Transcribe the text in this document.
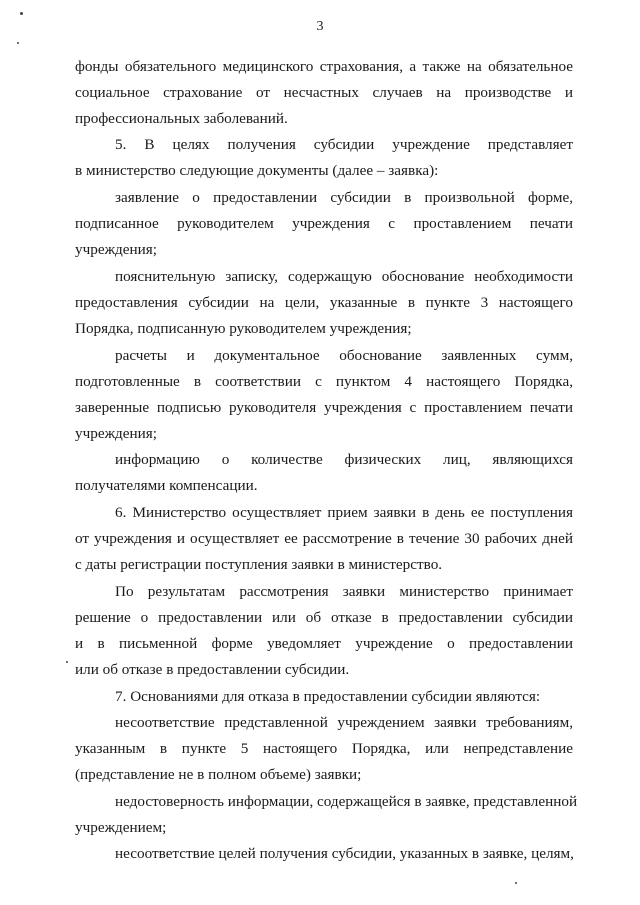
3
фонды обязательного медицинского страхования, а также на обязательное
социальное страхование от несчастных случаев на производстве и
профессиональных заболеваний.
5. В целях получения субсидии учреждение представляет
в министерство следующие документы (далее – заявка):
заявление о предоставлении субсидии в произвольной форме,
подписанное руководителем учреждения с проставлением печати
учреждения;
пояснительную записку, содержащую обоснование необходимости
предоставления субсидии на цели, указанные в пункте 3 настоящего
Порядка, подписанную руководителем учреждения;
расчеты и документальное обоснование заявленных сумм,
подготовленные в соответствии с пунктом 4 настоящего Порядка,
заверенные подписью руководителя учреждения с проставлением печати
учреждения;
информацию о количестве физических лиц, являющихся
получателями компенсации.
6. Министерство осуществляет прием заявки в день ее поступления
от учреждения и осуществляет ее рассмотрение в течение 30 рабочих дней
с даты регистрации поступления заявки в министерство.
По результатам рассмотрения заявки министерство принимает
решение о предоставлении или об отказе в предоставлении субсидии
и в письменной форме уведомляет учреждение о предоставлении
или об отказе в предоставлении субсидии.
7. Основаниями для отказа в предоставлении субсидии являются:
несоответствие представленной учреждением заявки требованиям,
указанным в пункте 5 настоящего Порядка, или непредставление
(представление не в полном объеме) заявки;
недостоверность информации, содержащейся в заявке, представленной
учреждением;
несоответствие целей получения субсидии, указанных в заявке, целям,
